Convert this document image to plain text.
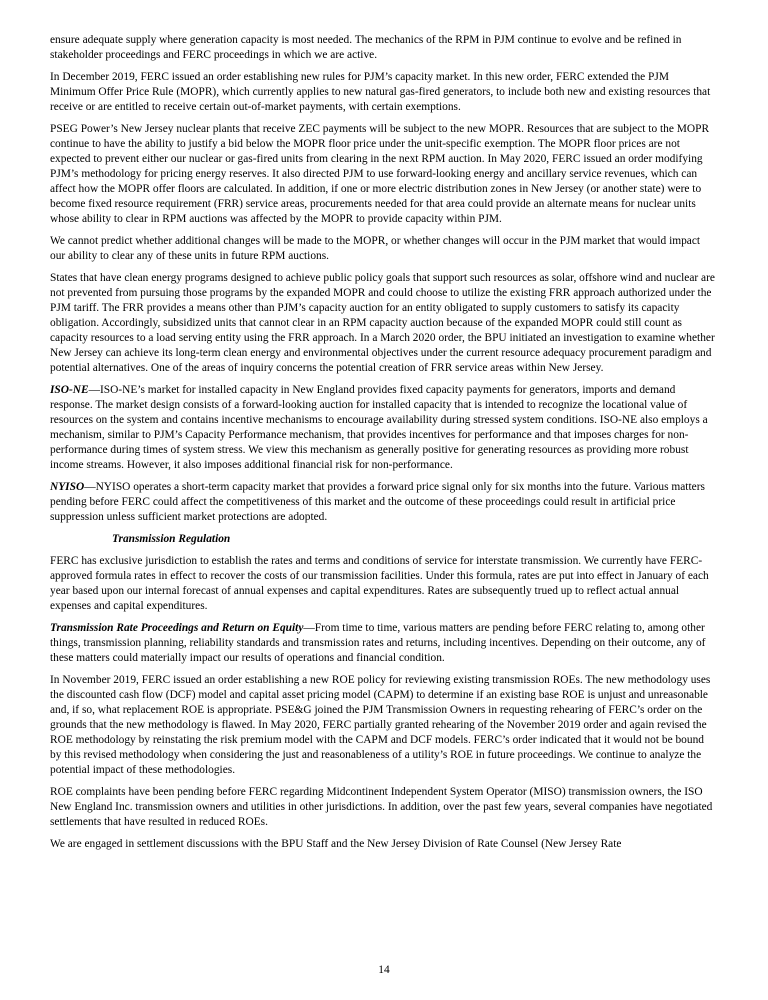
ensure adequate supply where generation capacity is most needed. The mechanics of the RPM in PJM continue to evolve and be refined in stakeholder proceedings and FERC proceedings in which we are active.

In December 2019, FERC issued an order establishing new rules for PJM’s capacity market. In this new order, FERC extended the PJM Minimum Offer Price Rule (MOPR), which currently applies to new natural gas-fired generators, to include both new and existing resources that receive or are entitled to receive certain out-of-market payments, with certain exemptions.

PSEG Power’s New Jersey nuclear plants that receive ZEC payments will be subject to the new MOPR. Resources that are subject to the MOPR continue to have the ability to justify a bid below the MOPR floor price under the unit-specific exemption. The MOPR floor prices are not expected to prevent either our nuclear or gas-fired units from clearing in the next RPM auction. In May 2020, FERC issued an order modifying PJM’s methodology for pricing energy reserves. It also directed PJM to use forward-looking energy and ancillary service revenues, which can affect how the MOPR offer floors are calculated. In addition, if one or more electric distribution zones in New Jersey (or another state) were to become fixed resource requirement (FRR) service areas, procurements needed for that area could provide an alternate means for nuclear units whose ability to clear in RPM auctions was affected by the MOPR to provide capacity within PJM.

We cannot predict whether additional changes will be made to the MOPR, or whether changes will occur in the PJM market that would impact our ability to clear any of these units in future RPM auctions.

States that have clean energy programs designed to achieve public policy goals that support such resources as solar, offshore wind and nuclear are not prevented from pursuing those programs by the expanded MOPR and could choose to utilize the existing FRR approach authorized under the PJM tariff. The FRR provides a means other than PJM’s capacity auction for an entity obligated to supply customers to satisfy its capacity obligation. Accordingly, subsidized units that cannot clear in an RPM capacity auction because of the expanded MOPR could still count as capacity resources to a load serving entity using the FRR approach. In a March 2020 order, the BPU initiated an investigation to examine whether New Jersey can achieve its long-term clean energy and environmental objectives under the current resource adequacy procurement paradigm and potential alternatives. One of the areas of inquiry concerns the potential creation of FRR service areas within New Jersey.

ISO-NE—ISO-NE’s market for installed capacity in New England provides fixed capacity payments for generators, imports and demand response. The market design consists of a forward-looking auction for installed capacity that is intended to recognize the locational value of resources on the system and contains incentive mechanisms to encourage availability during stressed system conditions. ISO-NE also employs a mechanism, similar to PJM’s Capacity Performance mechanism, that provides incentives for performance and that imposes charges for non-performance during times of system stress. We view this mechanism as generally positive for generating resources as providing more robust income streams. However, it also imposes additional financial risk for non-performance.

NYISO—NYISO operates a short-term capacity market that provides a forward price signal only for six months into the future. Various matters pending before FERC could affect the competitiveness of this market and the outcome of these proceedings could result in artificial price suppression unless sufficient market protections are adopted.

Transmission Regulation

FERC has exclusive jurisdiction to establish the rates and terms and conditions of service for interstate transmission. We currently have FERC-approved formula rates in effect to recover the costs of our transmission facilities. Under this formula, rates are put into effect in January of each year based upon our internal forecast of annual expenses and capital expenditures. Rates are subsequently trued up to reflect actual annual expenses and capital expenditures.

Transmission Rate Proceedings and Return on Equity—From time to time, various matters are pending before FERC relating to, among other things, transmission planning, reliability standards and transmission rates and returns, including incentives. Depending on their outcome, any of these matters could materially impact our results of operations and financial condition.

In November 2019, FERC issued an order establishing a new ROE policy for reviewing existing transmission ROEs. The new methodology uses the discounted cash flow (DCF) model and capital asset pricing model (CAPM) to determine if an existing base ROE is unjust and unreasonable and, if so, what replacement ROE is appropriate. PSE&G joined the PJM Transmission Owners in requesting rehearing of FERC’s order on the grounds that the new methodology is flawed. In May 2020, FERC partially granted rehearing of the November 2019 order and again revised the ROE methodology by reinstating the risk premium model with the CAPM and DCF models. FERC’s order indicated that it would not be bound by this revised methodology when considering the just and reasonableness of a utility’s ROE in future proceedings. We continue to analyze the potential impact of these methodologies.

ROE complaints have been pending before FERC regarding Midcontinent Independent System Operator (MISO) transmission owners, the ISO New England Inc. transmission owners and utilities in other jurisdictions. In addition, over the past few years, several companies have negotiated settlements that have resulted in reduced ROEs.

We are engaged in settlement discussions with the BPU Staff and the New Jersey Division of Rate Counsel (New Jersey Rate

14
